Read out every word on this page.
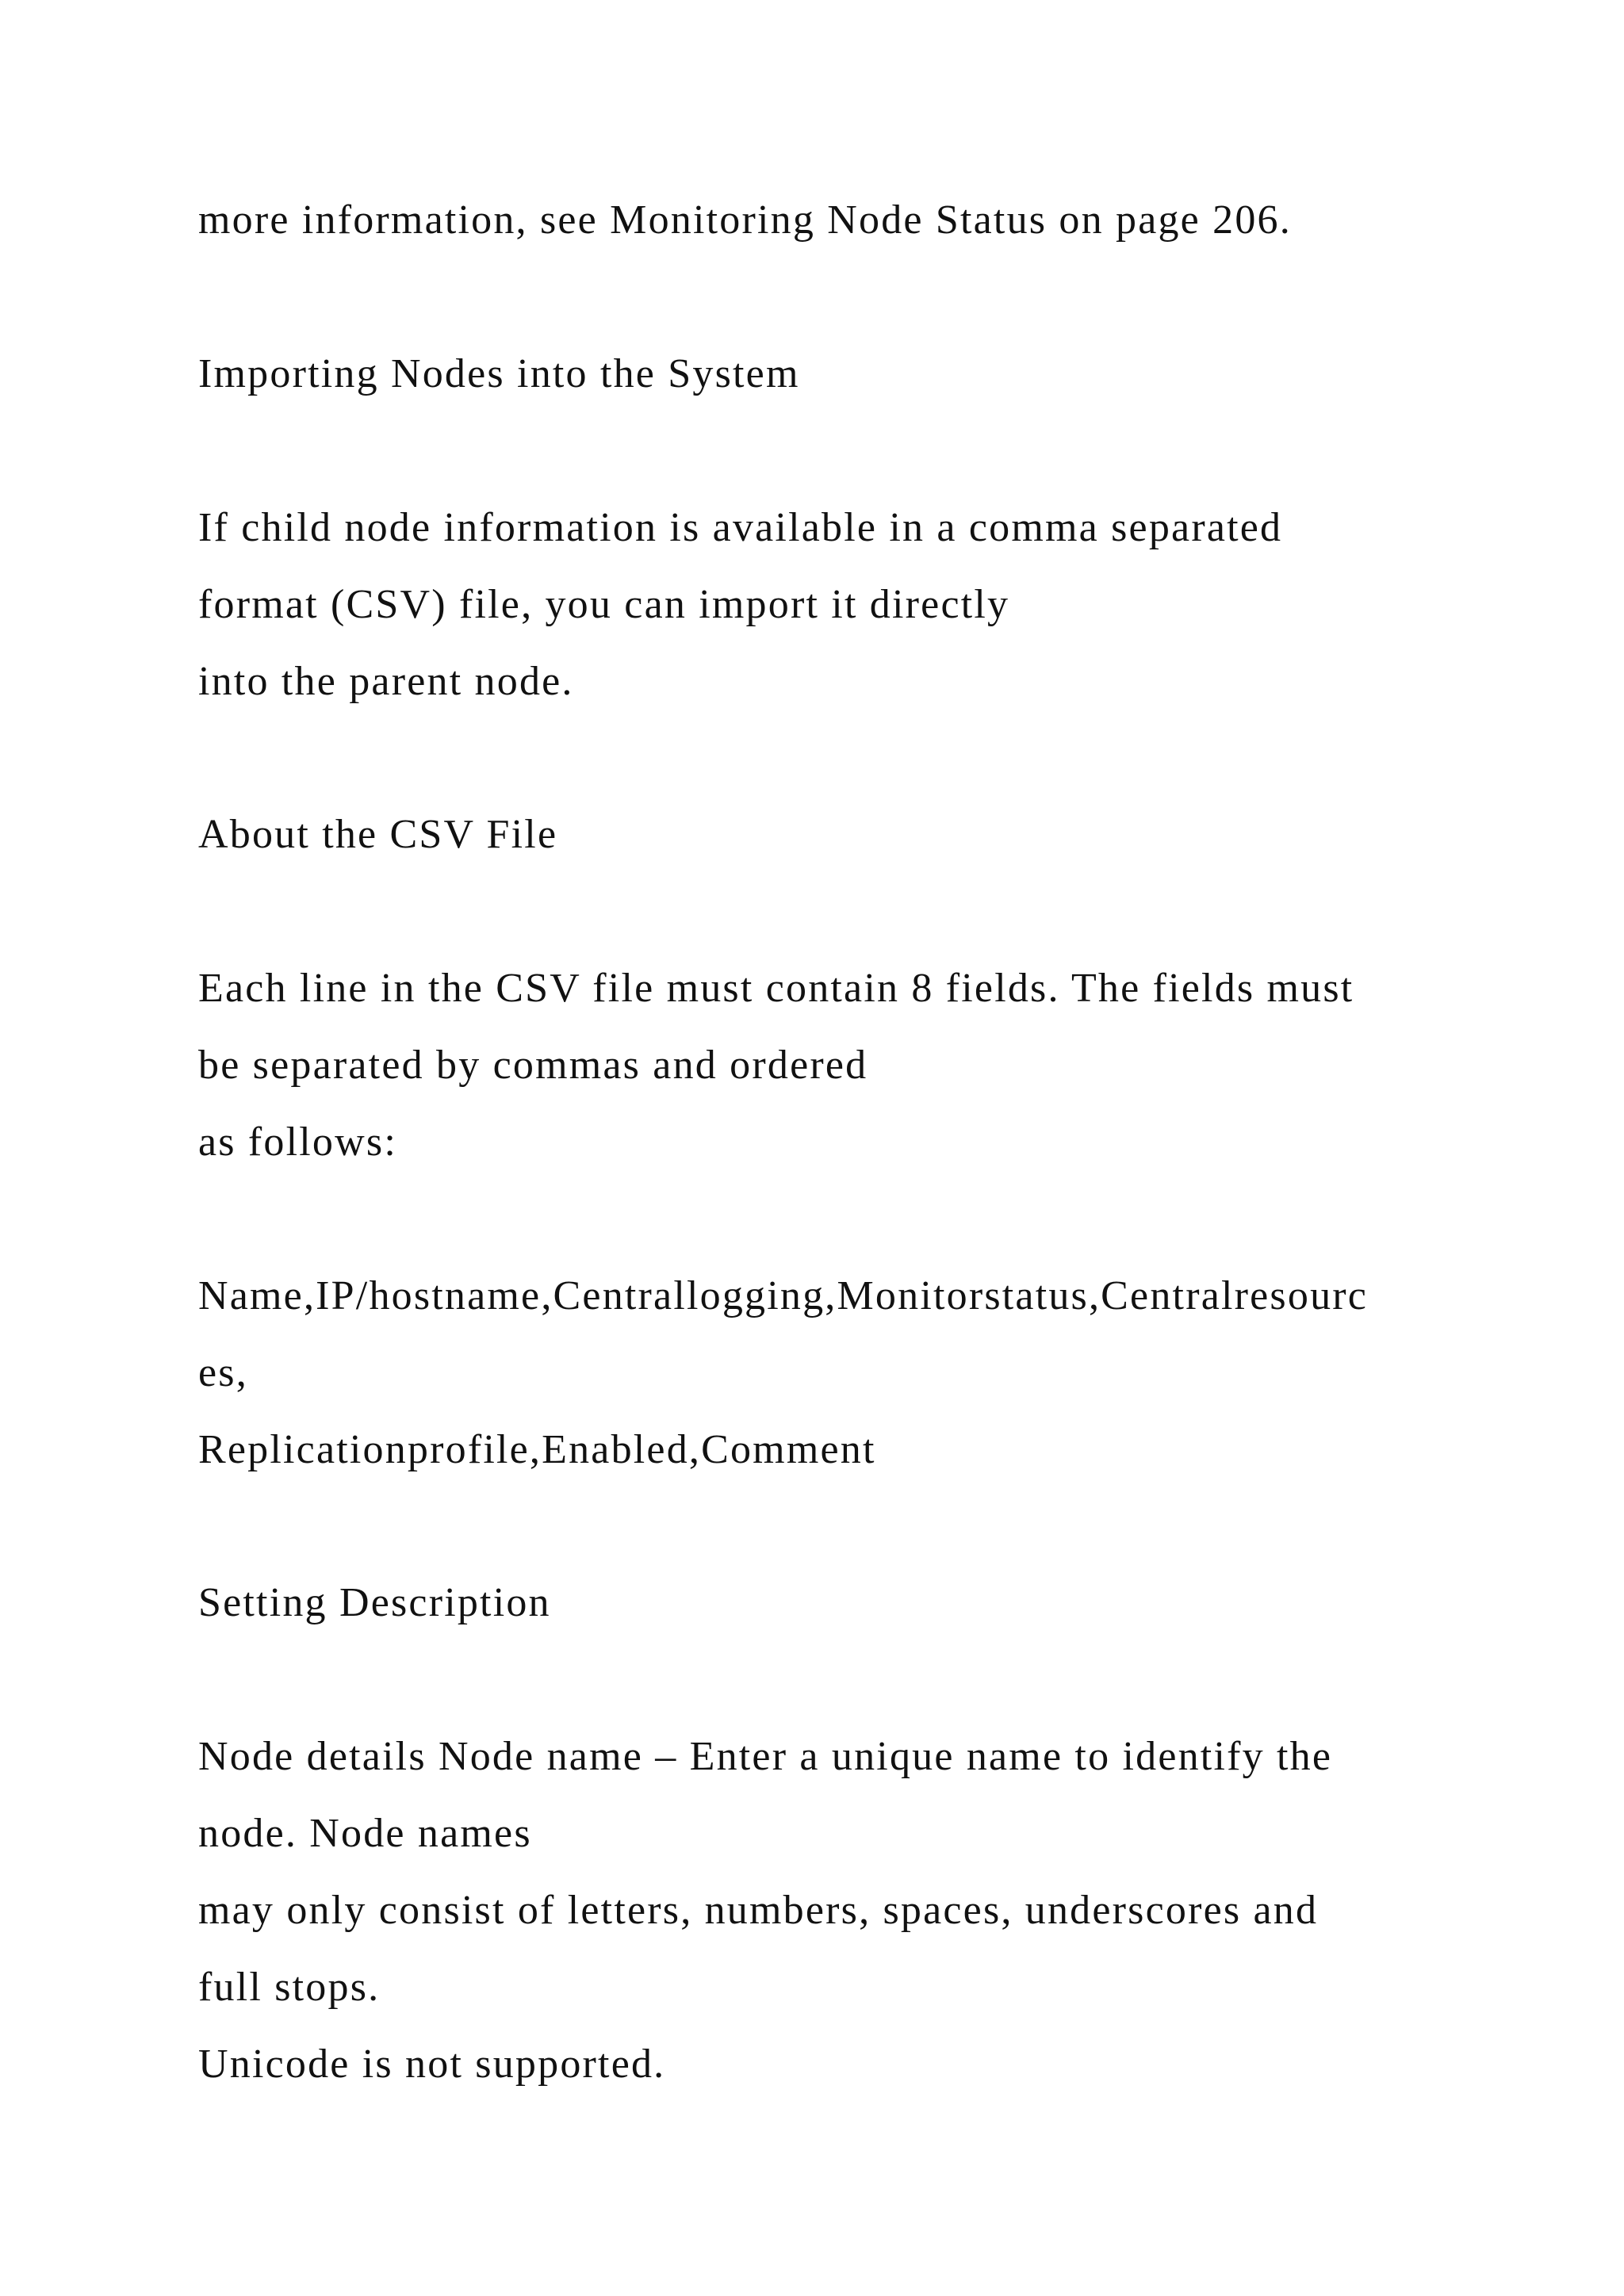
more information, see Monitoring Node Status on page 206.

Importing Nodes into the System

If child node information is available in a comma separated

format (CSV) file, you can import it directly

into the parent node.

About the CSV File

Each line in the CSV file must contain 8 fields. The fields must

be separated by commas and ordered

as follows:

Name,IP/hostname,Centrallogging,Monitorstatus,Centralresourc

es,

Replicationprofile,Enabled,Comment

Setting Description

Node details Node name – Enter a unique name to identify the

node. Node names

may only consist of letters, numbers, spaces, underscores and

full stops.

Unicode is not supported.
